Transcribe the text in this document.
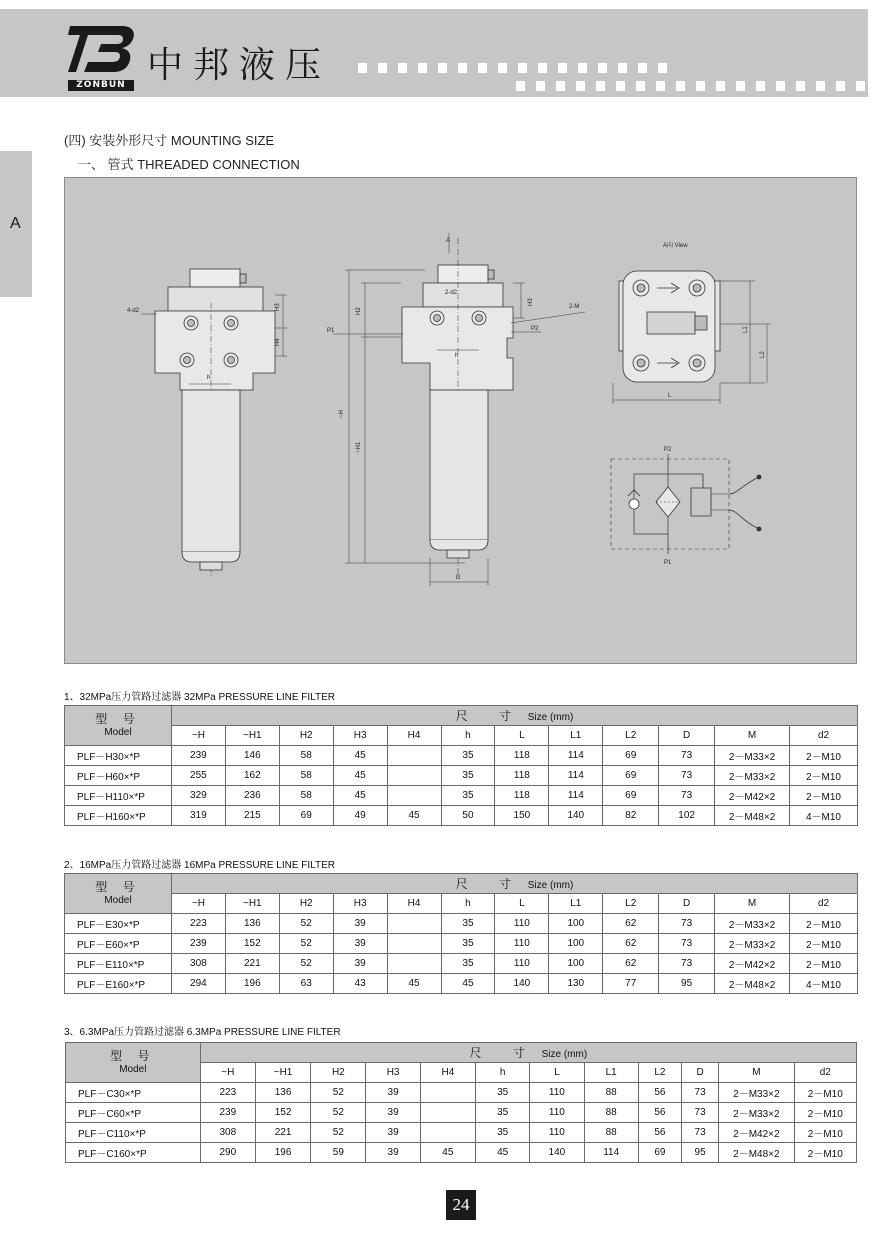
ZONBUN 中邦液压
A
(四) 安装外形尺寸 MOUNTING SIZE
一、 管式 THREADED CONNECTION
H3
H4
h
4-d2
A
~H
~H1
H2
H3
P1	P2
2-d2
2-M
h
D
A向 View
L
L1
L2
P2
P1
1、32MPa压力管路过滤器 32MPa PRESSURE LINE FILTER
型 号
Model	尺 寸 Size (mm)											
	~H	~H1	H2	H3	H4	h	L	L1	L2	D	M	d2
PLF－H30×*P	239	146	58	45		35	118	114	69	73	2－M33×2	2－M10
PLF－H60×*P	255	162	58	45		35	118	114	69	73	2－M33×2	2－M10
PLF－H110×*P	329	236	58	45		35	118	114	69	73	2－M42×2	2－M10
PLF－H160×*P	319	215	69	49	45	50	150	140	82	102	2－M48×2	4－M10
2、16MPa压力管路过滤器 16MPa PRESSURE LINE FILTER
型 号
Model	尺 寸 Size (mm)											
	~H	~H1	H2	H3	H4	h	L	L1	L2	D	M	d2
PLF－E30×*P	223	136	52	39		35	110	100	62	73	2－M33×2	2－M10
PLF－E60×*P	239	152	52	39		35	110	100	62	73	2－M33×2	2－M10
PLF－E110×*P	308	221	52	39		35	110	100	62	73	2－M42×2	2－M10
PLF－E160×*P	294	196	63	43	45	45	140	130	77	95	2－M48×2	4－M10
3、6.3MPa压力管路过滤器 6.3MPa PRESSURE LINE FILTER
型 号
Model	尺 寸 Size (mm)											
	~H	~H1	H2	H3	H4	h	L	L1	L2	D	M	d2
PLF－C30×*P	223	136	52	39		35	110	88	56	73	2－M33×2	2－M10
PLF－C60×*P	239	152	52	39		35	110	88	56	73	2－M33×2	2－M10
PLF－C110×*P	308	221	52	39		35	110	88	56	73	2－M42×2	2－M10
PLF－C160×*P	290	196	59	39	45	45	140	114	69	95	2－M48×2	2－M10
24
